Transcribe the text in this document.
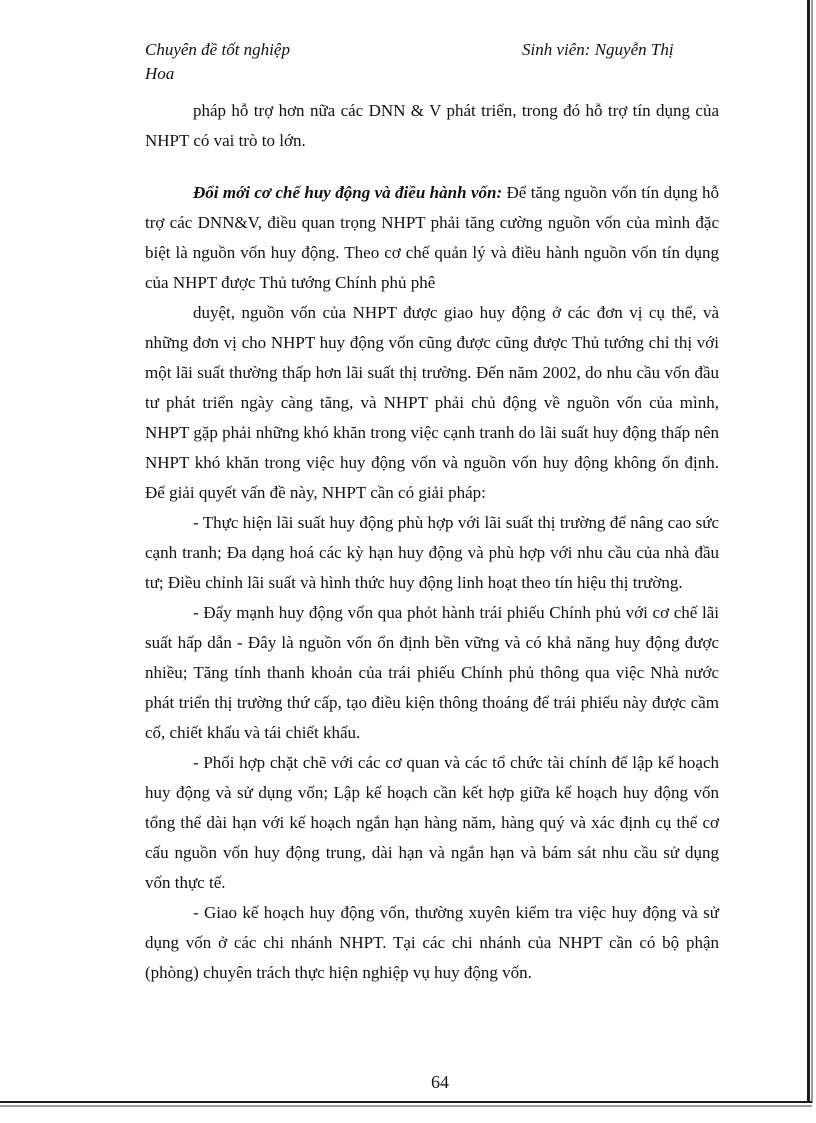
Chuyên đề tốt nghiệp
Hoa
Sinh viên: Nguyễn Thị

pháp hỗ trợ hơn nữa các DNN & V phát triển, trong đó hỗ trợ tín dụng của NHPT có vai trò to lớn.

Đổi mới cơ chế huy động và điều hành vốn: Để tăng nguồn vốn tín dụng hỗ trợ các DNN&V, điều quan trọng NHPT phải tăng cường nguồn vốn của mình đặc biệt là nguồn vốn huy động. Theo cơ chế quản lý và điều hành nguồn vốn tín dụng của NHPT được Thủ tướng Chính phủ phê

duyệt, nguồn vốn của NHPT được giao huy động ở các đơn vị cụ thể, và những đơn vị cho NHPT huy động vốn cũng được cũng được Thủ tướng chỉ thị với một lãi suất thường thấp hơn lãi suất thị trường. Đến năm 2002, do nhu cầu vốn đầu tư phát triển ngày càng tăng, và NHPT phải chủ động về nguồn vốn của mình, NHPT gặp phải những khó khăn trong việc cạnh tranh do lãi suất huy động thấp nên NHPT khó khăn trong việc huy động vốn và nguồn vốn huy động không ổn định. Để giải quyết vấn đề này, NHPT cần có giải pháp:

- Thực hiện lãi suất huy động phù hợp với lãi suất thị trường để nâng cao sức cạnh tranh; Đa dạng hoá các kỳ hạn huy động và phù hợp với nhu cầu của nhà đầu tư; Điều chỉnh lãi suất và hình thức huy động linh hoạt theo tín hiệu thị trường.

- Đẩy mạnh huy động vốn qua phỏt hành trái phiếu Chính phủ với cơ chế lãi suất hấp dẫn - Đây là nguồn vốn ổn định bền vững và có khả năng huy động được nhiều; Tăng tính thanh khoản của trái phiếu Chính phủ thông qua việc Nhà nước phát triển thị trường thứ cấp, tạo điều kiện thông thoáng để trái phiếu này được cầm cố, chiết khấu và tái chiết khấu.

- Phối hợp chặt chẽ với các cơ quan và các tổ chức tài chính để lập kế hoạch huy động và sử dụng vốn; Lập kế hoạch cần kết hợp giữa kế hoạch huy động vốn tổng thể dài hạn với kế hoạch ngắn hạn hàng năm, hàng quý và xác định cụ thể cơ cấu nguồn vốn huy động trung, dài hạn và ngắn hạn và bám sát nhu cầu sử dụng vốn thực tế.

- Giao kế hoạch huy động vốn, thường xuyên kiểm tra việc huy động và sử dụng vốn ở các chi nhánh NHPT. Tại các chi nhánh của NHPT cần có bộ phận (phòng) chuyên trách thực hiện nghiệp vụ huy động vốn.

64
